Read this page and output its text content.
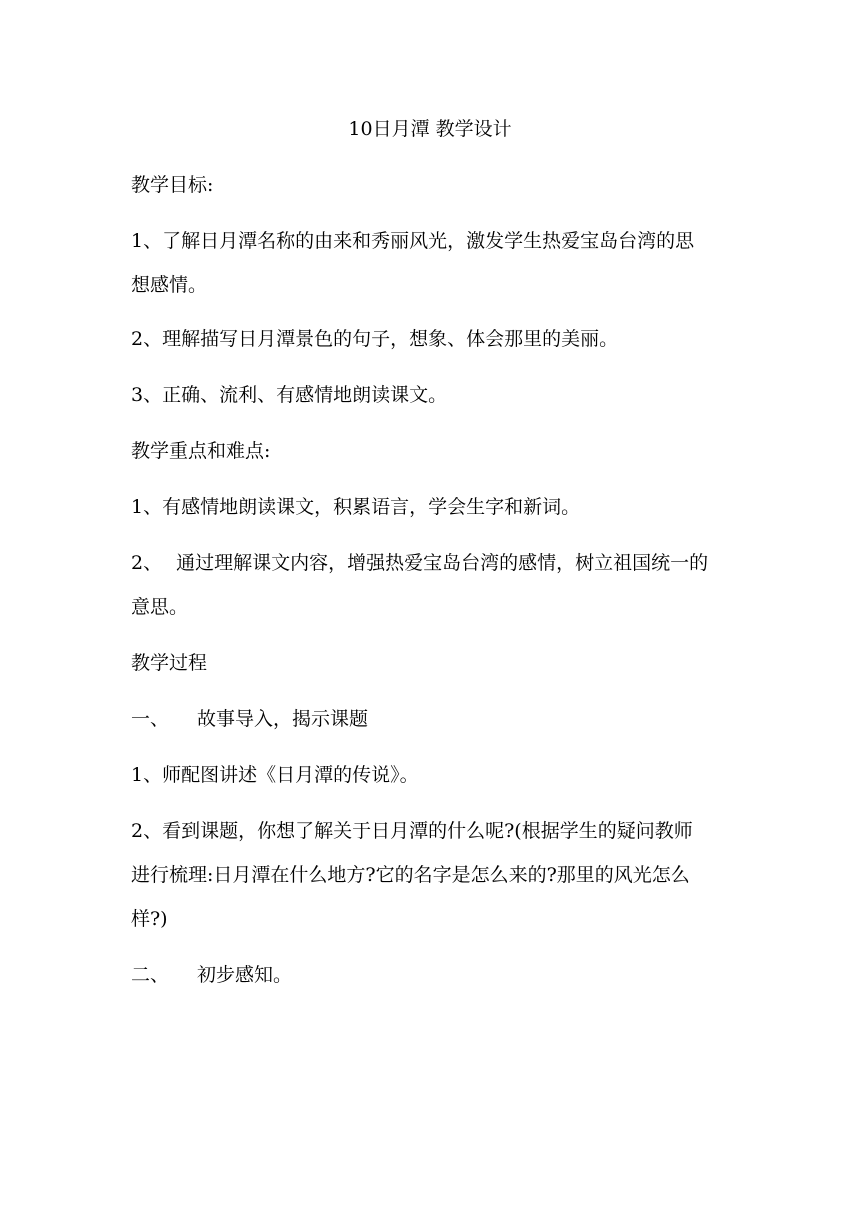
10日月潭 教学设计
教学目标:
1、了解日月潭名称的由来和秀丽风光，激发学生热爱宝岛台湾的思
想感情。
2、理解描写日月潭景色的句子，想象、体会那里的美丽。
3、正确、流利、有感情地朗读课文。
教学重点和难点:
1、有感情地朗读课文，积累语言，学会生字和新词。
2、 通过理解课文内容，增强热爱宝岛台湾的感情，树立祖国统一的
意思。
教学过程
一、 故事导入，揭示课题
1、师配图讲述《日月潭的传说》。
2、看到课题，你想了解关于日月潭的什么呢?(根据学生的疑问教师
进行梳理:日月潭在什么地方?它的名字是怎么来的?那里的风光怎么
样?)
二、 初步感知。
